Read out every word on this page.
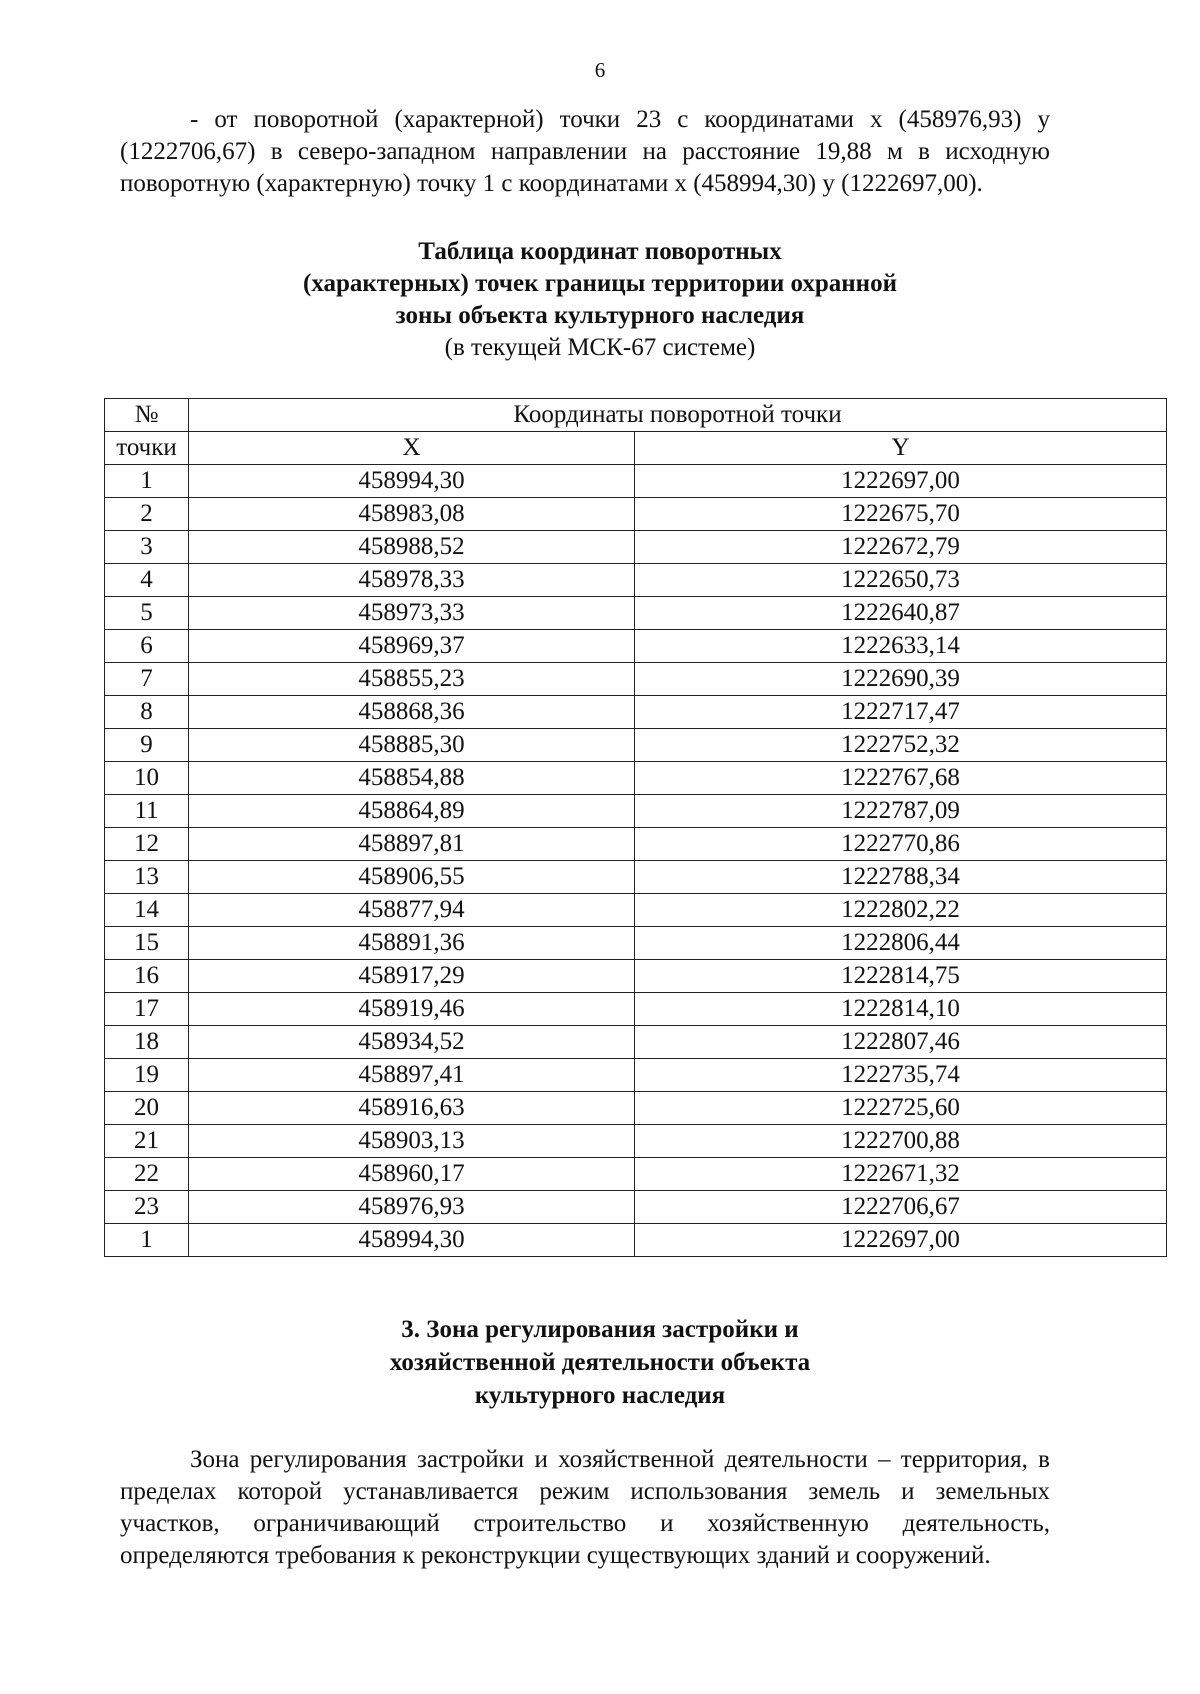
6

- от поворотной (характерной) точки 23 с координатами x (458976,93) y (1222706,67) в северо-западном направлении на расстояние 19,88 м в исходную поворотную (характерную) точку 1 с координатами x (458994,30) y (1222697,00).

Таблица координат поворотных
(характерных) точек границы территории охранной
зоны объекта культурного наследия
(в текущей МСК-67 системе)
№	Координаты поворотной точки	
точки	X	Y
1	458994,30	1222697,00
2	458983,08	1222675,70
3	458988,52	1222672,79
4	458978,33	1222650,73
5	458973,33	1222640,87
6	458969,37	1222633,14
7	458855,23	1222690,39
8	458868,36	1222717,47
9	458885,30	1222752,32
10	458854,88	1222767,68
11	458864,89	1222787,09
12	458897,81	1222770,86
13	458906,55	1222788,34
14	458877,94	1222802,22
15	458891,36	1222806,44
16	458917,29	1222814,75
17	458919,46	1222814,10
18	458934,52	1222807,46
19	458897,41	1222735,74
20	458916,63	1222725,60
21	458903,13	1222700,88
22	458960,17	1222671,32
23	458976,93	1222706,67
1	458994,30	1222697,00
3. Зона регулирования застройки и
хозяйственной деятельности объекта
культурного наследия

Зона регулирования застройки и хозяйственной деятельности – территория, в пределах которой устанавливается режим использования земель и земельных участков, ограничивающий строительство и хозяйственную деятельность, определяются требования к реконструкции существующих зданий и сооружений.
